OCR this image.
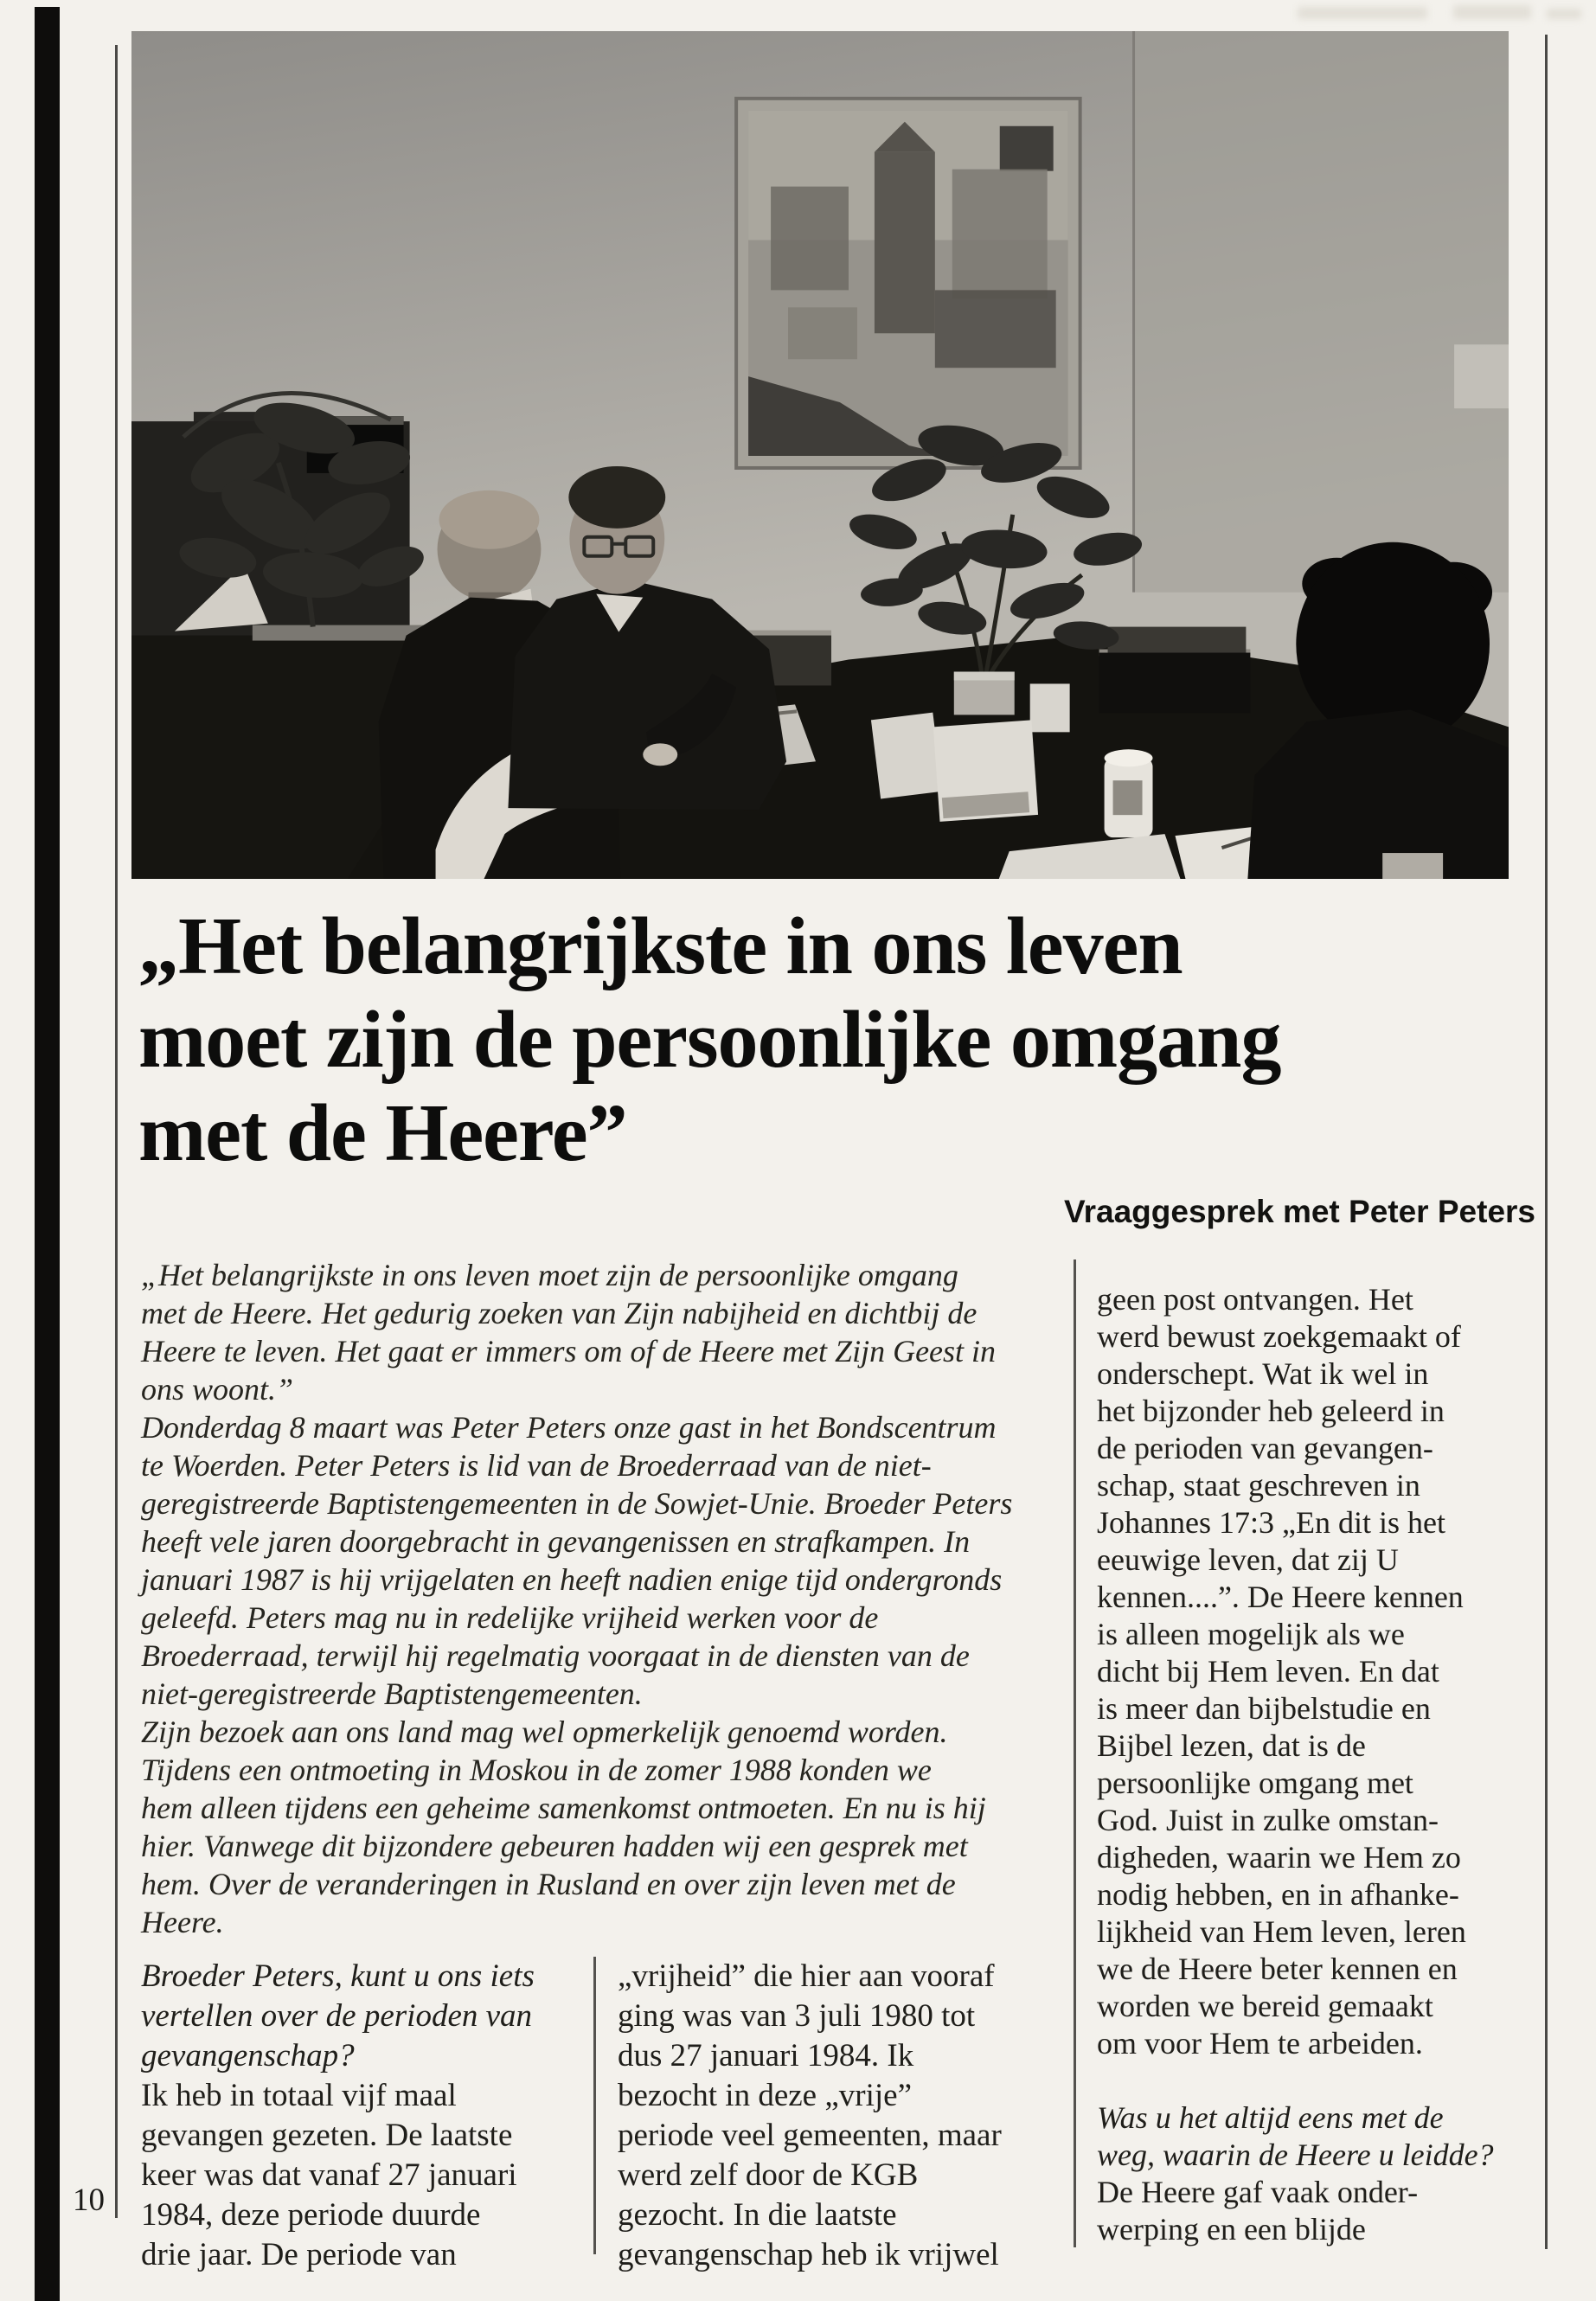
„Het belangrijkste in ons leven
moet zijn de persoonlijke omgang
met de Heere”
Vraaggesprek met Peter Peters
„Het belangrijkste in ons leven moet zijn de persoonlijke omgang
met de Heere. Het gedurig zoeken van Zijn nabijheid en dichtbij de
Heere te leven. Het gaat er immers om of de Heere met Zijn Geest in
ons woont.”
Donderdag 8 maart was Peter Peters onze gast in het Bondscentrum
te Woerden. Peter Peters is lid van de Broederraad van de niet-
geregistreerde Baptistengemeenten in de Sowjet-Unie. Broeder Peters
heeft vele jaren doorgebracht in gevangenissen en strafkampen. In
januari 1987 is hij vrijgelaten en heeft nadien enige tijd ondergronds
geleefd. Peters mag nu in redelijke vrijheid werken voor de
Broederraad, terwijl hij regelmatig voorgaat in de diensten van de
niet-geregistreerde Baptistengemeenten.
Zijn bezoek aan ons land mag wel opmerkelijk genoemd worden.
Tijdens een ontmoeting in Moskou in de zomer 1988 konden we
hem alleen tijdens een geheime samenkomst ontmoeten. En nu is hij
hier. Vanwege dit bijzondere gebeuren hadden wij een gesprek met
hem. Over de veranderingen in Rusland en over zijn leven met de
Heere.
Broeder Peters, kunt u ons iets
vertellen over de perioden van
gevangenschap?
Ik heb in totaal vijf maal
gevangen gezeten. De laatste
keer was dat vanaf 27 januari
1984, deze periode duurde
drie jaar. De periode van
„vrijheid” die hier aan vooraf
ging was van 3 juli 1980 tot
dus 27 januari 1984. Ik
bezocht in deze „vrije”
periode veel gemeenten, maar
werd zelf door de KGB
gezocht. In die laatste
gevangenschap heb ik vrijwel
geen post ontvangen. Het
werd bewust zoekgemaakt of
onderschept. Wat ik wel in
het bijzonder heb geleerd in
de perioden van gevangen-
schap, staat geschreven in
Johannes 17:3 „En dit is het
eeuwige leven, dat zij U
kennen....”. De Heere kennen
is alleen mogelijk als we
dicht bij Hem leven. En dat
is meer dan bijbelstudie en
Bijbel lezen, dat is de
persoonlijke omgang met
God. Juist in zulke omstan-
digheden, waarin we Hem zo
nodig hebben, en in afhanke-
lijkheid van Hem leven, leren
we de Heere beter kennen en
worden we bereid gemaakt
om voor Hem te arbeiden.
Was u het altijd eens met de
weg, waarin de Heere u leidde?
De Heere gaf vaak onder-
werping en een blijde
10
